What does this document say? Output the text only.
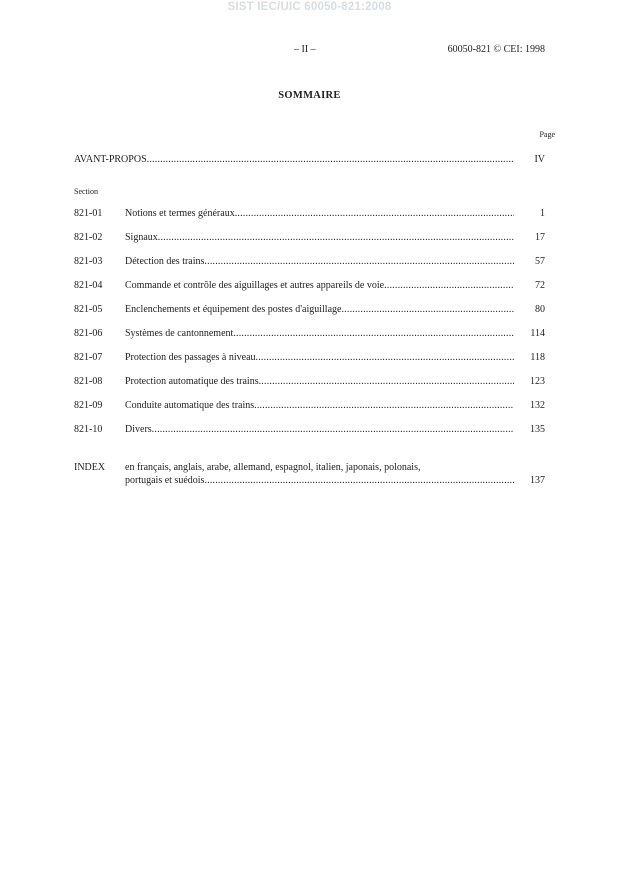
SIST IEC/UIC 60050-821:2008
– II –	60050-821 © CEI: 1998
SOMMAIRE
Page
AVANT-PROPOS .....	IV
Section
821-01 Notions et termes généraux .....	1
821-02 Signaux .....	17
821-03 Détection des trains .....	57
821-04 Commande et contrôle des aiguillages et autres appareils de voie .....	72
821-05 Enclenchements et équipement des postes d'aiguillage .....	80
821-06 Systèmes de cantonnement .....	114
821-07 Protection des passages à niveau .....	118
821-08 Protection automatique des trains .....	123
821-09 Conduite automatique des trains .....	132
821-10 Divers .....	135
INDEX en français, anglais, arabe, allemand, espagnol, italien, japonais, polonais,
portugais et suédois .....	137
